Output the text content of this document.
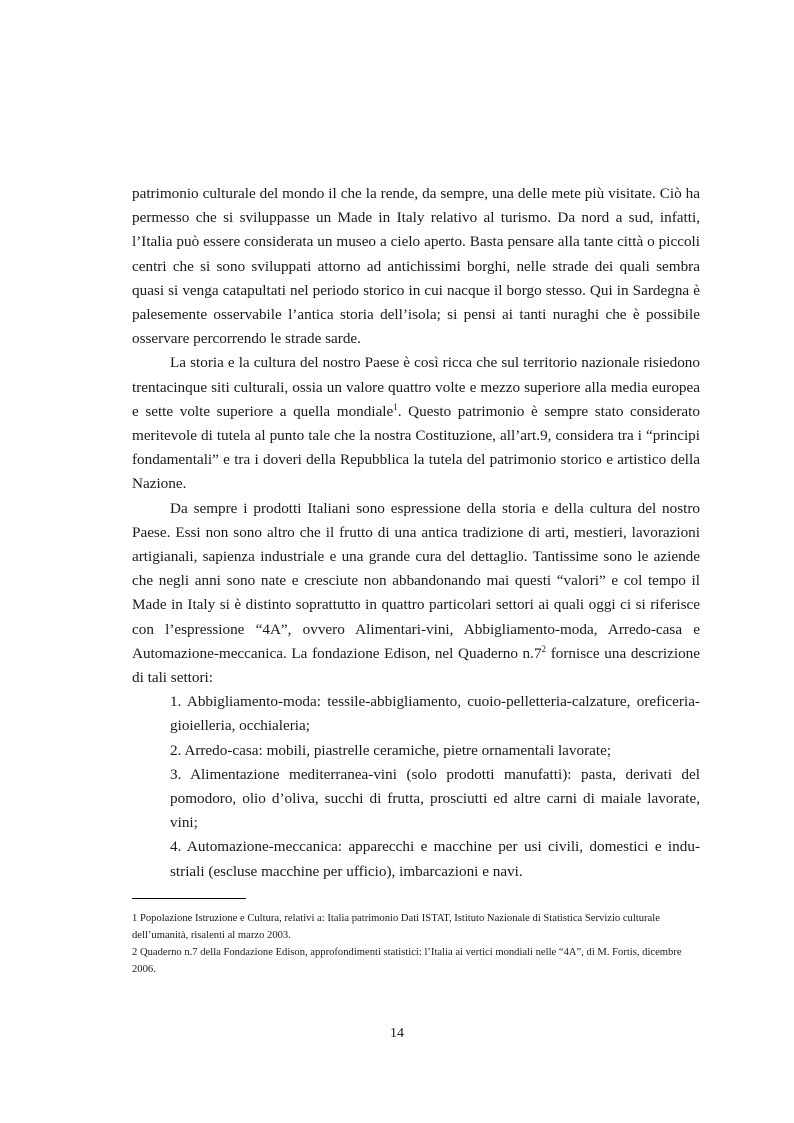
patrimonio culturale del mondo il che la rende, da sempre, una delle mete più visitate. Ciò ha permesso che si sviluppasse un Made in Italy relativo al turismo. Da nord a sud, infatti, l’Italia può essere considerata un museo a cielo aperto. Basta pensare alla tante città o piccoli centri che si sono sviluppati attorno ad antichissimi borghi, nelle strade dei quali sembra quasi si venga catapultati nel periodo storico in cui nacque il borgo stesso. Qui in Sardegna è palesemente osservabile l’antica storia dell’isola; si pensi ai tanti nuraghi che è possibile osservare percorrendo le strade sarde.

La storia e la cultura del nostro Paese è così ricca che sul territorio nazionale risiedono trentacinque siti culturali, ossia un valore quattro volte e mezzo superiore alla media europea e sette volte superiore a quella mondiale$^1$. Questo patrimonio è sempre stato considerato meritevole di tutela al punto tale che la nostra Costituzione, all’art.9, considera tra i “principi fondamentali” e tra i doveri della Repubblica la tutela del patrimonio storico e artistico della Nazione.

Da sempre i prodotti Italiani sono espressione della storia e della cultura del nostro Paese. Essi non sono altro che il frutto di una antica tradizione di arti, mestieri, lavorazioni artigianali, sapienza industriale e una grande cura del dettaglio. Tantissime sono le aziende che negli anni sono nate e cresciute non abbandonando mai questi “valori” e col tempo il Made in Italy si è distinto soprattutto in quattro particolari settori ai quali oggi ci si riferisce con l’espressione “4A”, ovvero Alimentari-vini, Abbigliamento-moda, Arredo-casa e Automazione-meccanica. La fondazione Edison, nel Quaderno $n.7^2$ fornisce una descrizione di tali settori:

1. Abbigliamento-moda: tessile-abbigliamento, cuoio-pelletteria-calzature, oreficeria-gioielleria, occhialeria;
2. Arredo-casa: mobili, piastrelle ceramiche, pietre ornamentali lavorate;
3. Alimentazione mediterranea-vini (solo prodotti manufatti): pasta, derivati del pomodoro, olio d’oliva, succhi di frutta, prosciutti ed altre carni di maiale lavorate, vini;
4. Automazione-meccanica: apparecchi e macchine per usi civili, domestici e industriali (escluse macchine per ufficio), imbarcazioni e navi.

1 Popolazione Istruzione e Cultura, relativi a: Italia patrimonio Dati ISTAT, Istituto Nazionale di Statistica Servizio culturale dell’umanità, risalenti al marzo 2003.

2 Quaderno n.7 della Fondazione Edison, approfondimenti statistici: l’Italia ai vertici mondiali nelle “4A”, di M. Fortis, dicembre 2006.

14
